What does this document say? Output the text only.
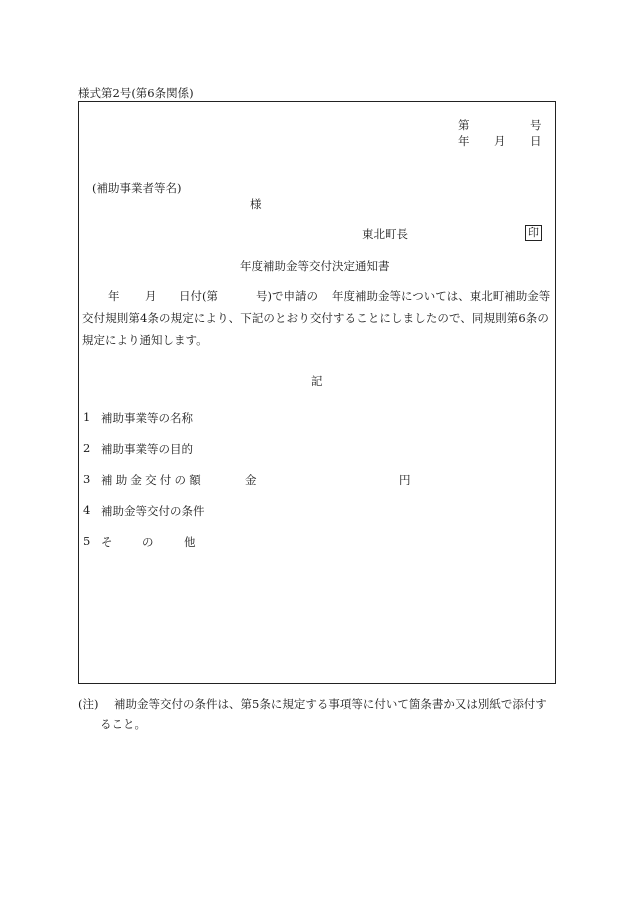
様式第2号(第6条関係)
第	号
年 月 日
(補助事業者等名)
様
東北町長	印
年度補助金等交付決定通知書
年 月 日付(第	号)で申請の 年度補助金等については、東北町補助金等
交付規則第4条の規定により、下記のとおり交付することにしましたので、同規則第6条の
規定により通知します。
記
1 補助事業等の名称
2 補助事業等の目的
3 補助金交付の額	金	円
4 補助金等交付の条件
5 そ	の	他
(注) 補助金等交付の条件は、第5条に規定する事項等に付いて箇条書か又は別紙で添付す
ること。
